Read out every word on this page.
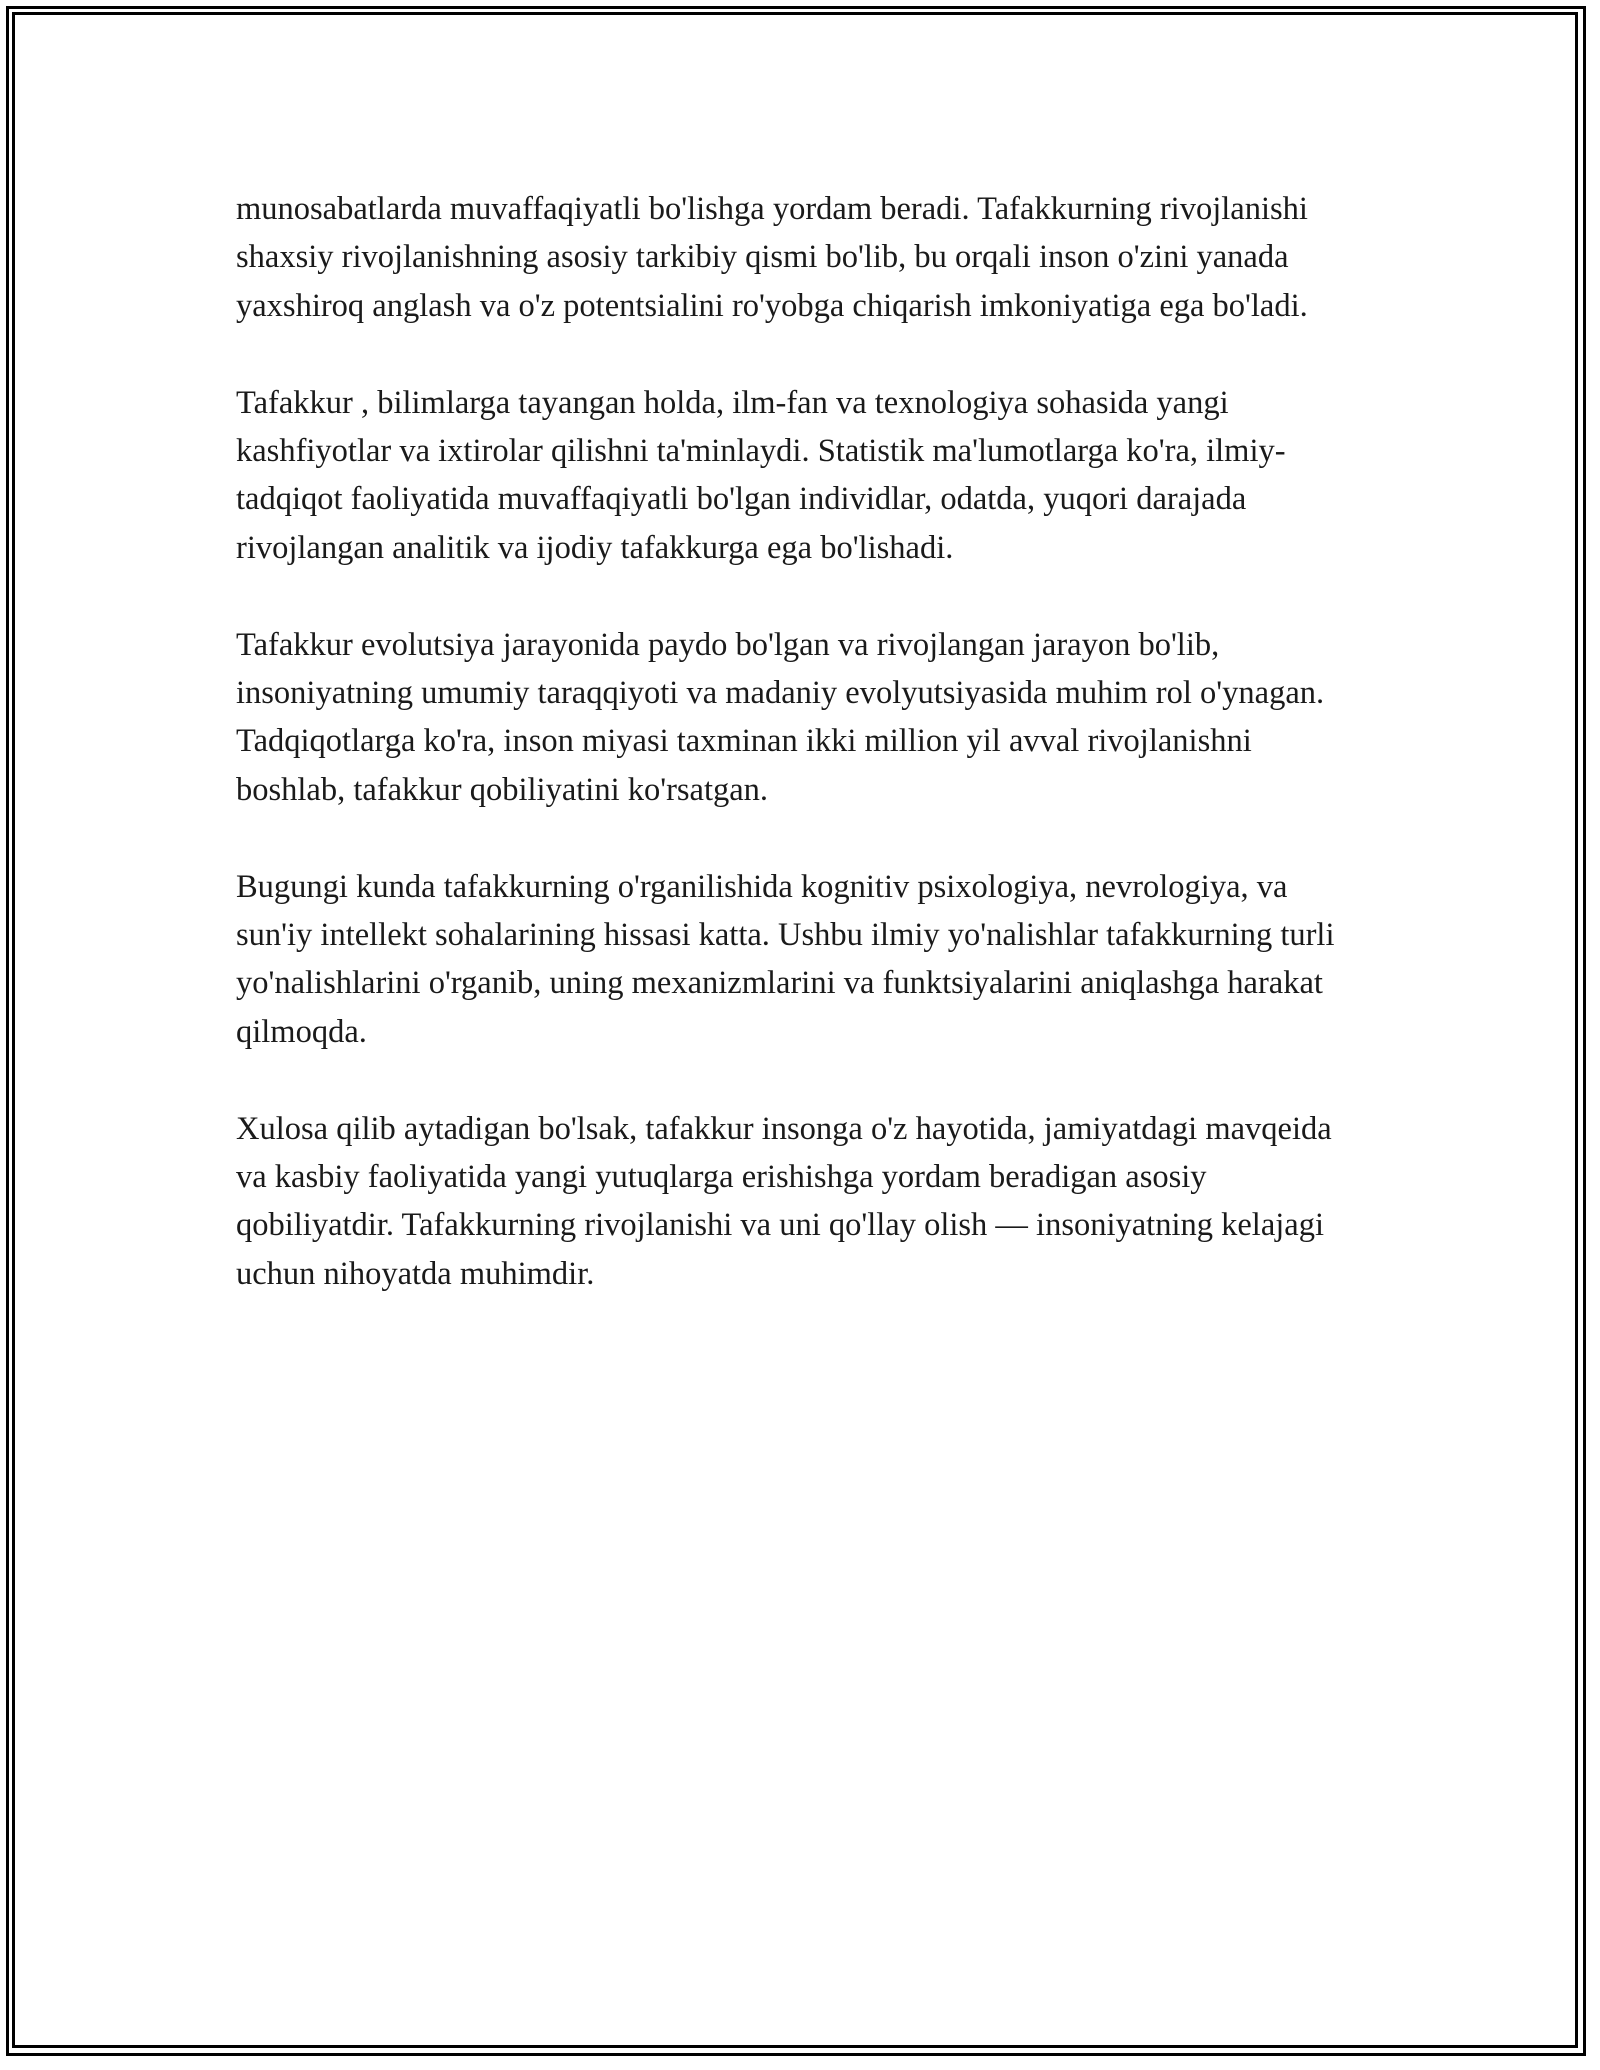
munosabatlarda muvaffaqiyatli bo'lishga yordam beradi. Tafakkurning rivojlanishi shaxsiy rivojlanishning asosiy tarkibiy qismi bo'lib, bu orqali inson o'zini yanada yaxshiroq anglash va o'z potentsialini ro'yobga chiqarish imkoniyatiga ega bo'ladi.

Tafakkur , bilimlarga tayangan holda, ilm-fan va texnologiya sohasida yangi kashfiyotlar va ixtirolar qilishni ta'minlaydi. Statistik ma'lumotlarga ko'ra, ilmiy-tadqiqot faoliyatida muvaffaqiyatli bo'lgan individlar, odatda, yuqori darajada rivojlangan analitik va ijodiy tafakkurga ega bo'lishadi.

Tafakkur evolutsiya jarayonida paydo bo'lgan va rivojlangan jarayon bo'lib, insoniyatning umumiy taraqqiyoti va madaniy evolyutsiyasida muhim rol o'ynagan. Tadqiqotlarga ko'ra, inson miyasi taxminan ikki million yil avval rivojlanishni boshlab, tafakkur qobiliyatini ko'rsatgan.

Bugungi kunda tafakkurning o'rganilishida kognitiv psixologiya, nevrologiya, va sun'iy intellekt sohalarining hissasi katta. Ushbu ilmiy yo'nalishlar tafakkurning turli yo'nalishlarini o'rganib, uning mexanizmlarini va funktsiyalarini aniqlashga harakat qilmoqda.

Xulosa qilib aytadigan bo'lsak, tafakkur insonga o'z hayotida, jamiyatdagi mavqeida va kasbiy faoliyatida yangi yutuqlarga erishishga yordam beradigan asosiy qobiliyatdir. Tafakkurning rivojlanishi va uni qo'llay olish — insoniyatning kelajagi uchun nihoyatda muhimdir.
